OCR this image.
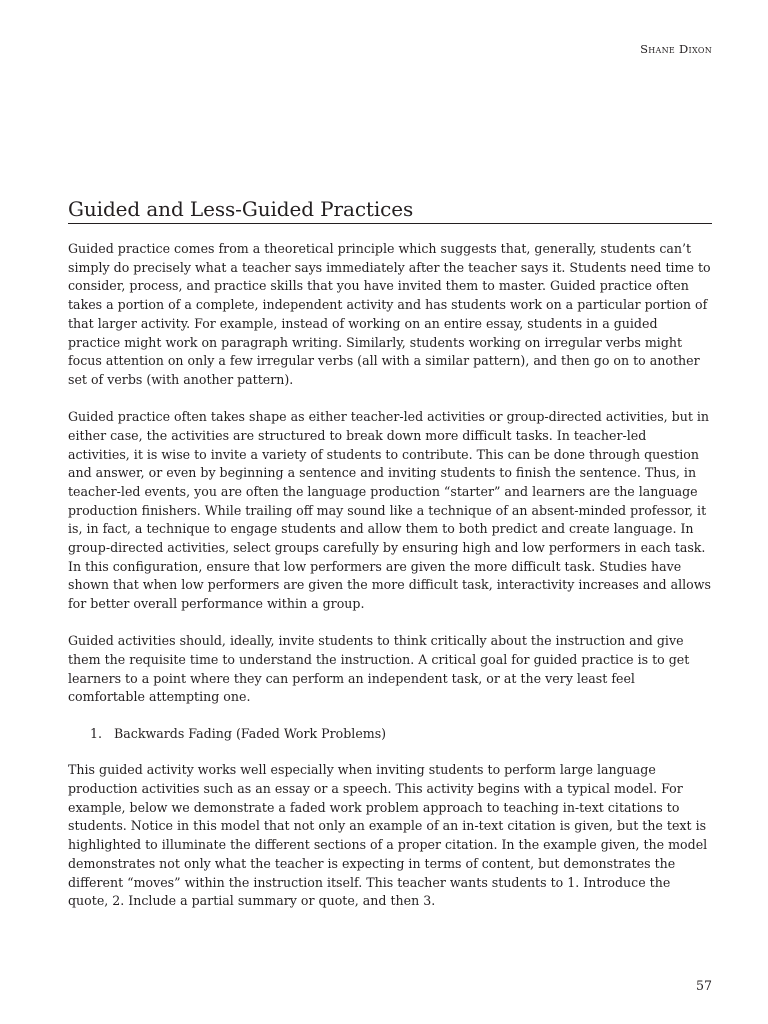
Shane Dixon
Guided and Less-Guided Practices

Guided practice comes from a theoretical principle which suggests that, generally, students can’t simply do precisely what a teacher says immediately after the teacher says it. Students need time to consider, process, and practice skills that you have invited them to master. Guided practice often takes a portion of a complete, independent activity and has students work on a particular portion of that larger activity. For example, instead of working on an entire essay, students in a guided practice might work on paragraph writing. Similarly, students working on irregular verbs might focus attention on only a few irregular verbs (all with a similar pattern), and then go on to another set of verbs (with another pattern).

Guided practice often takes shape as either teacher-led activities or group-directed activities, but in either case, the activities are structured to break down more difficult tasks. In teacher-led activities, it is wise to invite a variety of students to contribute. This can be done through question and answer, or even by beginning a sentence and inviting students to finish the sentence. Thus, in teacher-led events, you are often the language production “starter” and learners are the language production finishers. While trailing off may sound like a technique of an absent-minded professor, it is, in fact, a technique to engage students and allow them to both predict and create language. In group-directed activities, select groups carefully by ensuring high and low performers in each task. In this configuration, ensure that low performers are given the more difficult task. Studies have shown that when low performers are given the more difficult task, interactivity increases and allows for better overall performance within a group.

Guided activities should, ideally, invite students to think critically about the instruction and give them the requisite time to understand the instruction. A critical goal for guided practice is to get learners to a point where they can perform an independent task, or at the very least feel comfortable attempting one.

1. Backwards Fading (Faded Work Problems)

This guided activity works well especially when inviting students to perform large language production activities such as an essay or a speech. This activity begins with a typical model. For example, below we demonstrate a faded work problem approach to teaching in-text citations to students. Notice in this model that not only an example of an in-text citation is given, but the text is highlighted to illuminate the different sections of a proper citation. In the example given, the model demonstrates not only what the teacher is expecting in terms of content, but demonstrates the different “moves” within the instruction itself. This teacher wants students to 1. Introduce the quote, 2. Include a partial summary or quote, and then 3.

57
